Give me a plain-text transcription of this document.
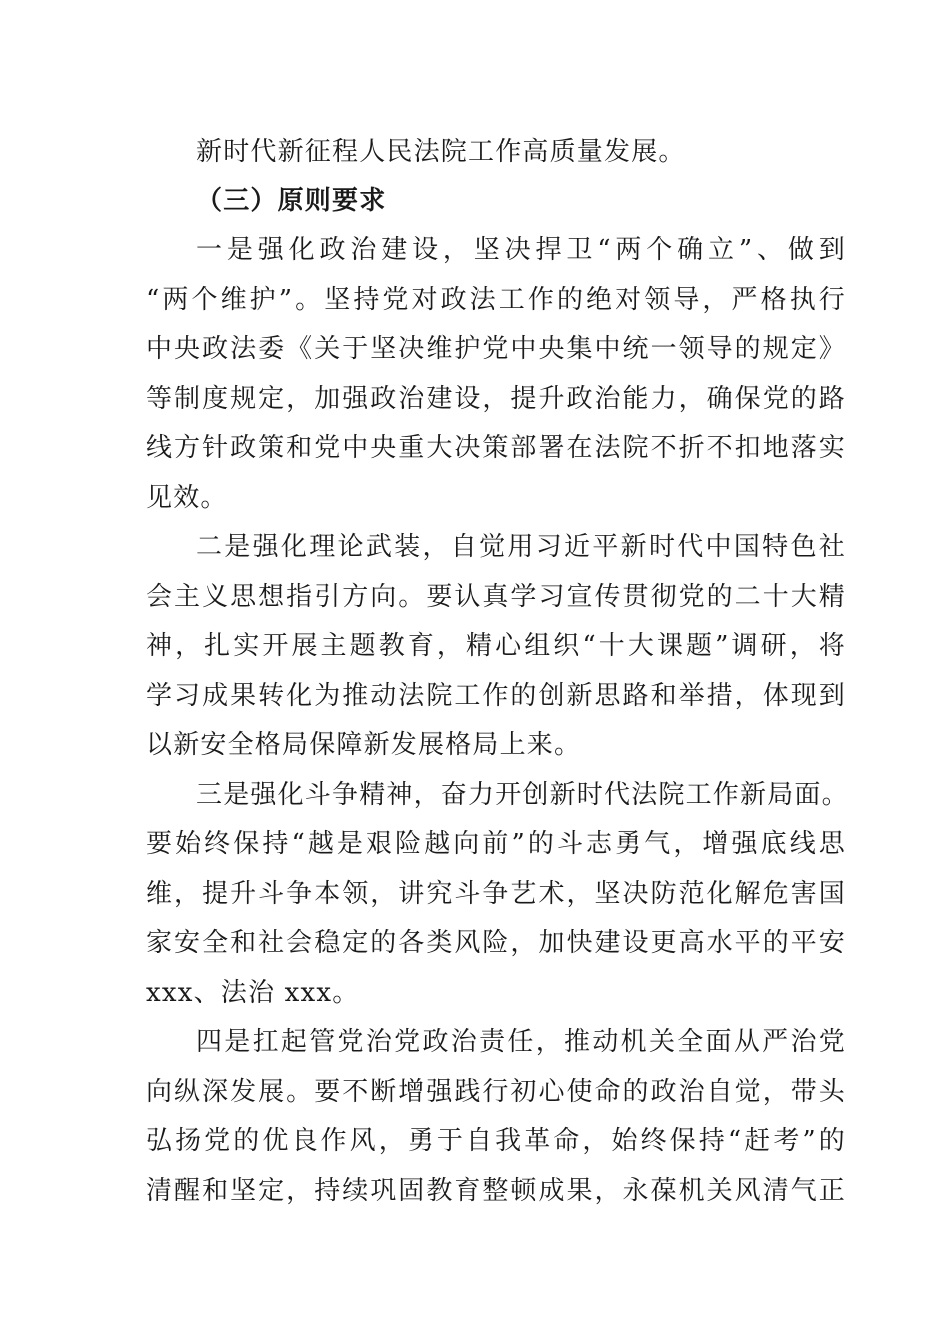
新时代新征程人民法院工作高质量发展。
（三）原则要求
一是强化政治建设，坚决捍卫“两个确立”、做到
“两个维护”。坚持党对政法工作的绝对领导，严格执行
中央政法委《关于坚决维护党中央集中统一领导的规定》
等制度规定，加强政治建设，提升政治能力，确保党的路
线方针政策和党中央重大决策部署在法院不折不扣地落实
见效。
二是强化理论武装，自觉用习近平新时代中国特色社
会主义思想指引方向。要认真学习宣传贯彻党的二十大精
神，扎实开展主题教育，精心组织“十大课题”调研，将
学习成果转化为推动法院工作的创新思路和举措，体现到
以新安全格局保障新发展格局上来。
三是强化斗争精神，奋力开创新时代法院工作新局面。
要始终保持“越是艰险越向前”的斗志勇气，增强底线思
维，提升斗争本领，讲究斗争艺术，坚决防范化解危害国
家安全和社会稳定的各类风险，加快建设更高水平的平安
xxx、法治 xxx。
四是扛起管党治党政治责任，推动机关全面从严治党
向纵深发展。要不断增强践行初心使命的政治自觉，带头
弘扬党的优良作风，勇于自我革命，始终保持“赶考”的
清醒和坚定，持续巩固教育整顿成果，永葆机关风清气正
